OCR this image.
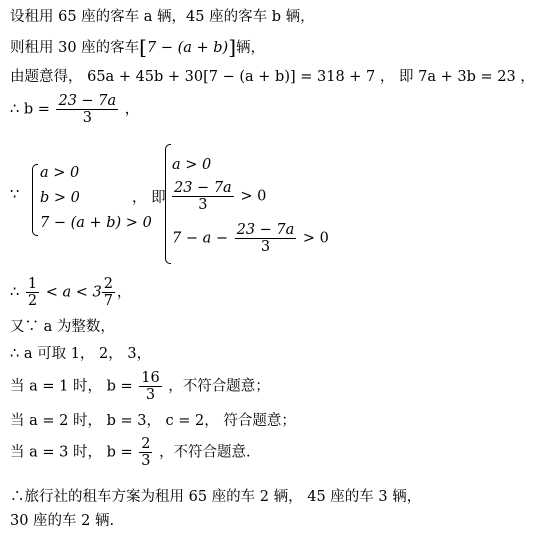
设租用 65 座的客车 a 辆，45 座的客车 b 辆，
则租用 30 座的客车[7 − (a + b)]辆，
由题意得， 65a + 45b + 30[7 − (a + b)] = 318 + 7 ， 即 7a + 3b = 23 ，
∴ $b = \frac{23 - 7a}{3}$ ，
∵
a > 0
b > 0
7 − (a + b) > 0
， 即
a > 0
$\frac{23 - 7a}{3} > 0$
$7 - a - \frac{23 - 7a}{3} > 0$
∴ $\frac{1}{2} < a < 3 \frac{2}{7}$ ，
又∵ a 为整数，
∴ a 可取 1， 2， 3，
当 a = 1 时， $b = \frac{16}{3}$ ，不符合题意；
当 a = 2 时， b = 3， c = 2， 符合题意；
当 a = 3 时， $b = \frac{2}{3}$ ，不符合题意.
∴旅行社的租车方案为租用 65 座的车 2 辆， 45 座的车 3 辆，
30 座的车 2 辆.
